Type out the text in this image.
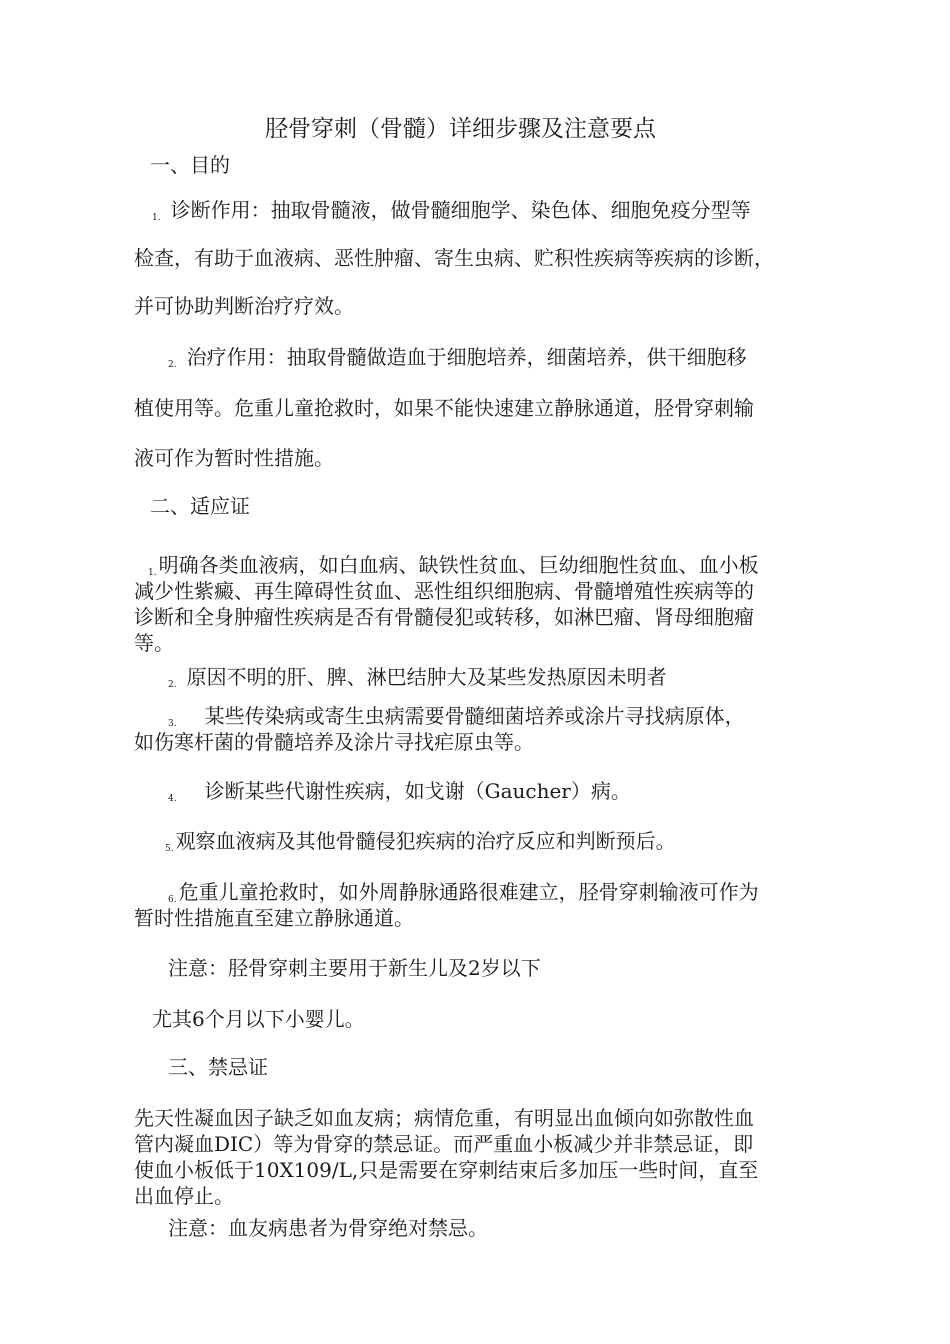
胫骨穿刺（骨髓）详细步骤及注意要点
一、目的
1. 诊断作用：抽取骨髓液，做骨髓细胞学、染色体、细胞免疫分型等
检查，有助于血液病、恶性肿瘤、寄生虫病、贮积性疾病等疾病的诊断，
并可协助判断治疗疗效。
2. 治疗作用：抽取骨髓做造血于细胞培养，细菌培养，供干细胞移
植使用等。危重儿童抢救时，如果不能快速建立静脉通道，胫骨穿刺输
液可作为暂时性措施。
二、适应证
1. 明确各类血液病，如白血病、缺铁性贫血、巨幼细胞性贫血、血小板
减少性紫癜、再生障碍性贫血、恶性组织细胞病、骨髓增殖性疾病等的
诊断和全身肿瘤性疾病是否有骨髓侵犯或转移，如淋巴瘤、肾母细胞瘤
等。
2. 原因不明的肝、脾、淋巴结肿大及某些发热原因未明者
3. 某些传染病或寄生虫病需要骨髓细菌培养或涂片寻找病原体，
如伤寒杆菌的骨髓培养及涂片寻找疟原虫等。
4. 诊断某些代谢性疾病，如戈谢（Gaucher）病。
5. 观察血液病及其他骨髓侵犯疾病的治疗反应和判断预后。
6. 危重儿童抢救时，如外周静脉通路很难建立，胫骨穿刺输液可作为
暂时性措施直至建立静脉通道。
注意：胫骨穿刺主要用于新生儿及2岁以下
尤其6个月以下小婴儿。
三、禁忌证
先天性凝血因子缺乏如血友病；病情危重，有明显出血倾向如弥散性血
管内凝血DIC）等为骨穿的禁忌证。而严重血小板减少并非禁忌证，即
使血小板低于10X109/L,只是需要在穿刺结束后多加压一些时间，直至
出血停止。
注意：血友病患者为骨穿绝对禁忌。
